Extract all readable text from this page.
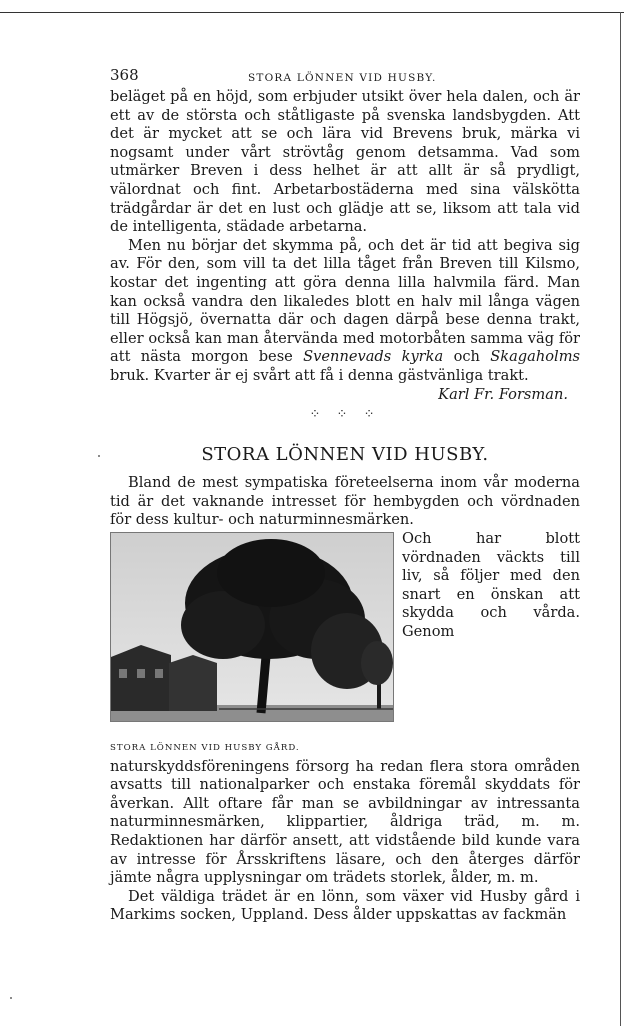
368	STORA LÖNNEN VID HUSBY.

beläget på en höjd, som erbjuder utsikt över hela dalen, och är ett av de största och ståtligaste på svenska landsbygden. Att det är mycket att se och lära vid Brevens bruk, märka vi nogsamt under vårt strövtåg genom detsamma. Vad som utmärker Breven i dess helhet är att allt är så prydligt, välordnat och fint. Arbetarbostäderna med sina välskötta trädgårdar är det en lust och glädje att se, liksom att tala vid de intelligenta, städade arbetarna.

Men nu börjar det skymma på, och det är tid att begiva sig av. För den, som vill ta det lilla tåget från Breven till Kilsmo, kostar det ingenting att göra denna lilla halvmila färd. Man kan också vandra den likaledes blott en halv mil långa vägen till Högsjö, övernatta där och dagen därpå bese denna trakt, eller också kan man återvända med motorbåten samma väg för att nästa morgon bese Svennevads kyrka och Skagaholms bruk. Kvarter är ej svårt att få i denna gästvänliga trakt.

Karl Fr. Forsman.

⁘ ⁘ ⁘
STORA LÖNNEN VID HUSBY.

Bland de mest sympatiska företeelserna inom vår moderna tid är det vaknande intresset för hembygden och vördnaden för dess kultur- och naturminnesmärken.

STORA LÖNNEN VID HUSBY GÅRD.

Och har blott vördnaden väckts till liv, så följer med den snart en önskan att skydda och vårda. Genom naturskyddsföreningens försorg ha redan flera stora områden avsatts till nationalparker och enstaka föremål skyddats för åverkan. Allt oftare får man se avbildningar av intressanta naturminnesmärken, klippartier, åldriga träd, m. m. Redaktionen har därför ansett, att vidstående bild kunde vara av intresse för Årsskriftens läsare, och den återges därför jämte några upplysningar om trädets storlek, ålder, m. m.

Det väldiga trädet är en lönn, som växer vid Husby gård i Markims socken, Uppland. Dess ålder uppskattas av fackmän
